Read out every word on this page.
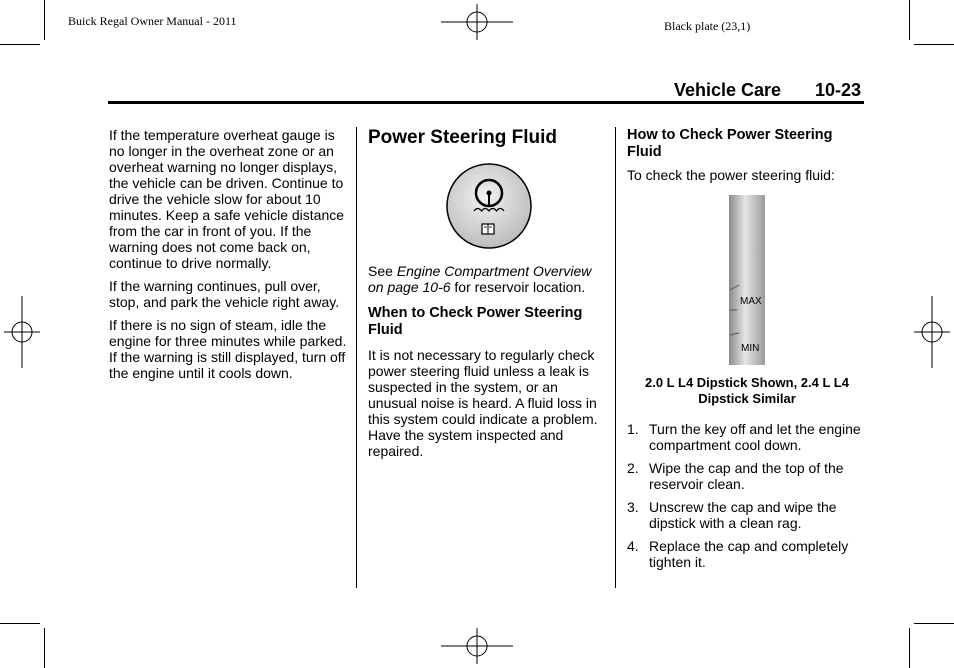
Buick Regal Owner Manual - 2011	Black plate (23,1)
Vehicle Care 10-23

If the temperature overheat gauge is no longer in the overheat zone or an overheat warning no longer displays, the vehicle can be driven. Continue to drive the vehicle slow for about 10 minutes. Keep a safe vehicle distance from the car in front of you. If the warning does not come back on, continue to drive normally.

If the warning continues, pull over, stop, and park the vehicle right away.

If there is no sign of steam, idle the engine for three minutes while parked. If the warning is still displayed, turn off the engine until it cools down.

Power Steering Fluid

See Engine Compartment Overview on page 10-6 for reservoir location.

When to Check Power Steering Fluid

It is not necessary to regularly check power steering fluid unless a leak is suspected in the system, or an unusual noise is heard. A fluid loss in this system could indicate a problem. Have the system inspected and repaired.

How to Check Power Steering Fluid

To check the power steering fluid:

MAX
MIN
2.0 L L4 Dipstick Shown, 2.4 L L4 Dipstick Similar
1. Turn the key off and let the engine compartment cool down.
2. Wipe the cap and the top of the reservoir clean.
3. Unscrew the cap and wipe the dipstick with a clean rag.
4. Replace the cap and completely tighten it.
